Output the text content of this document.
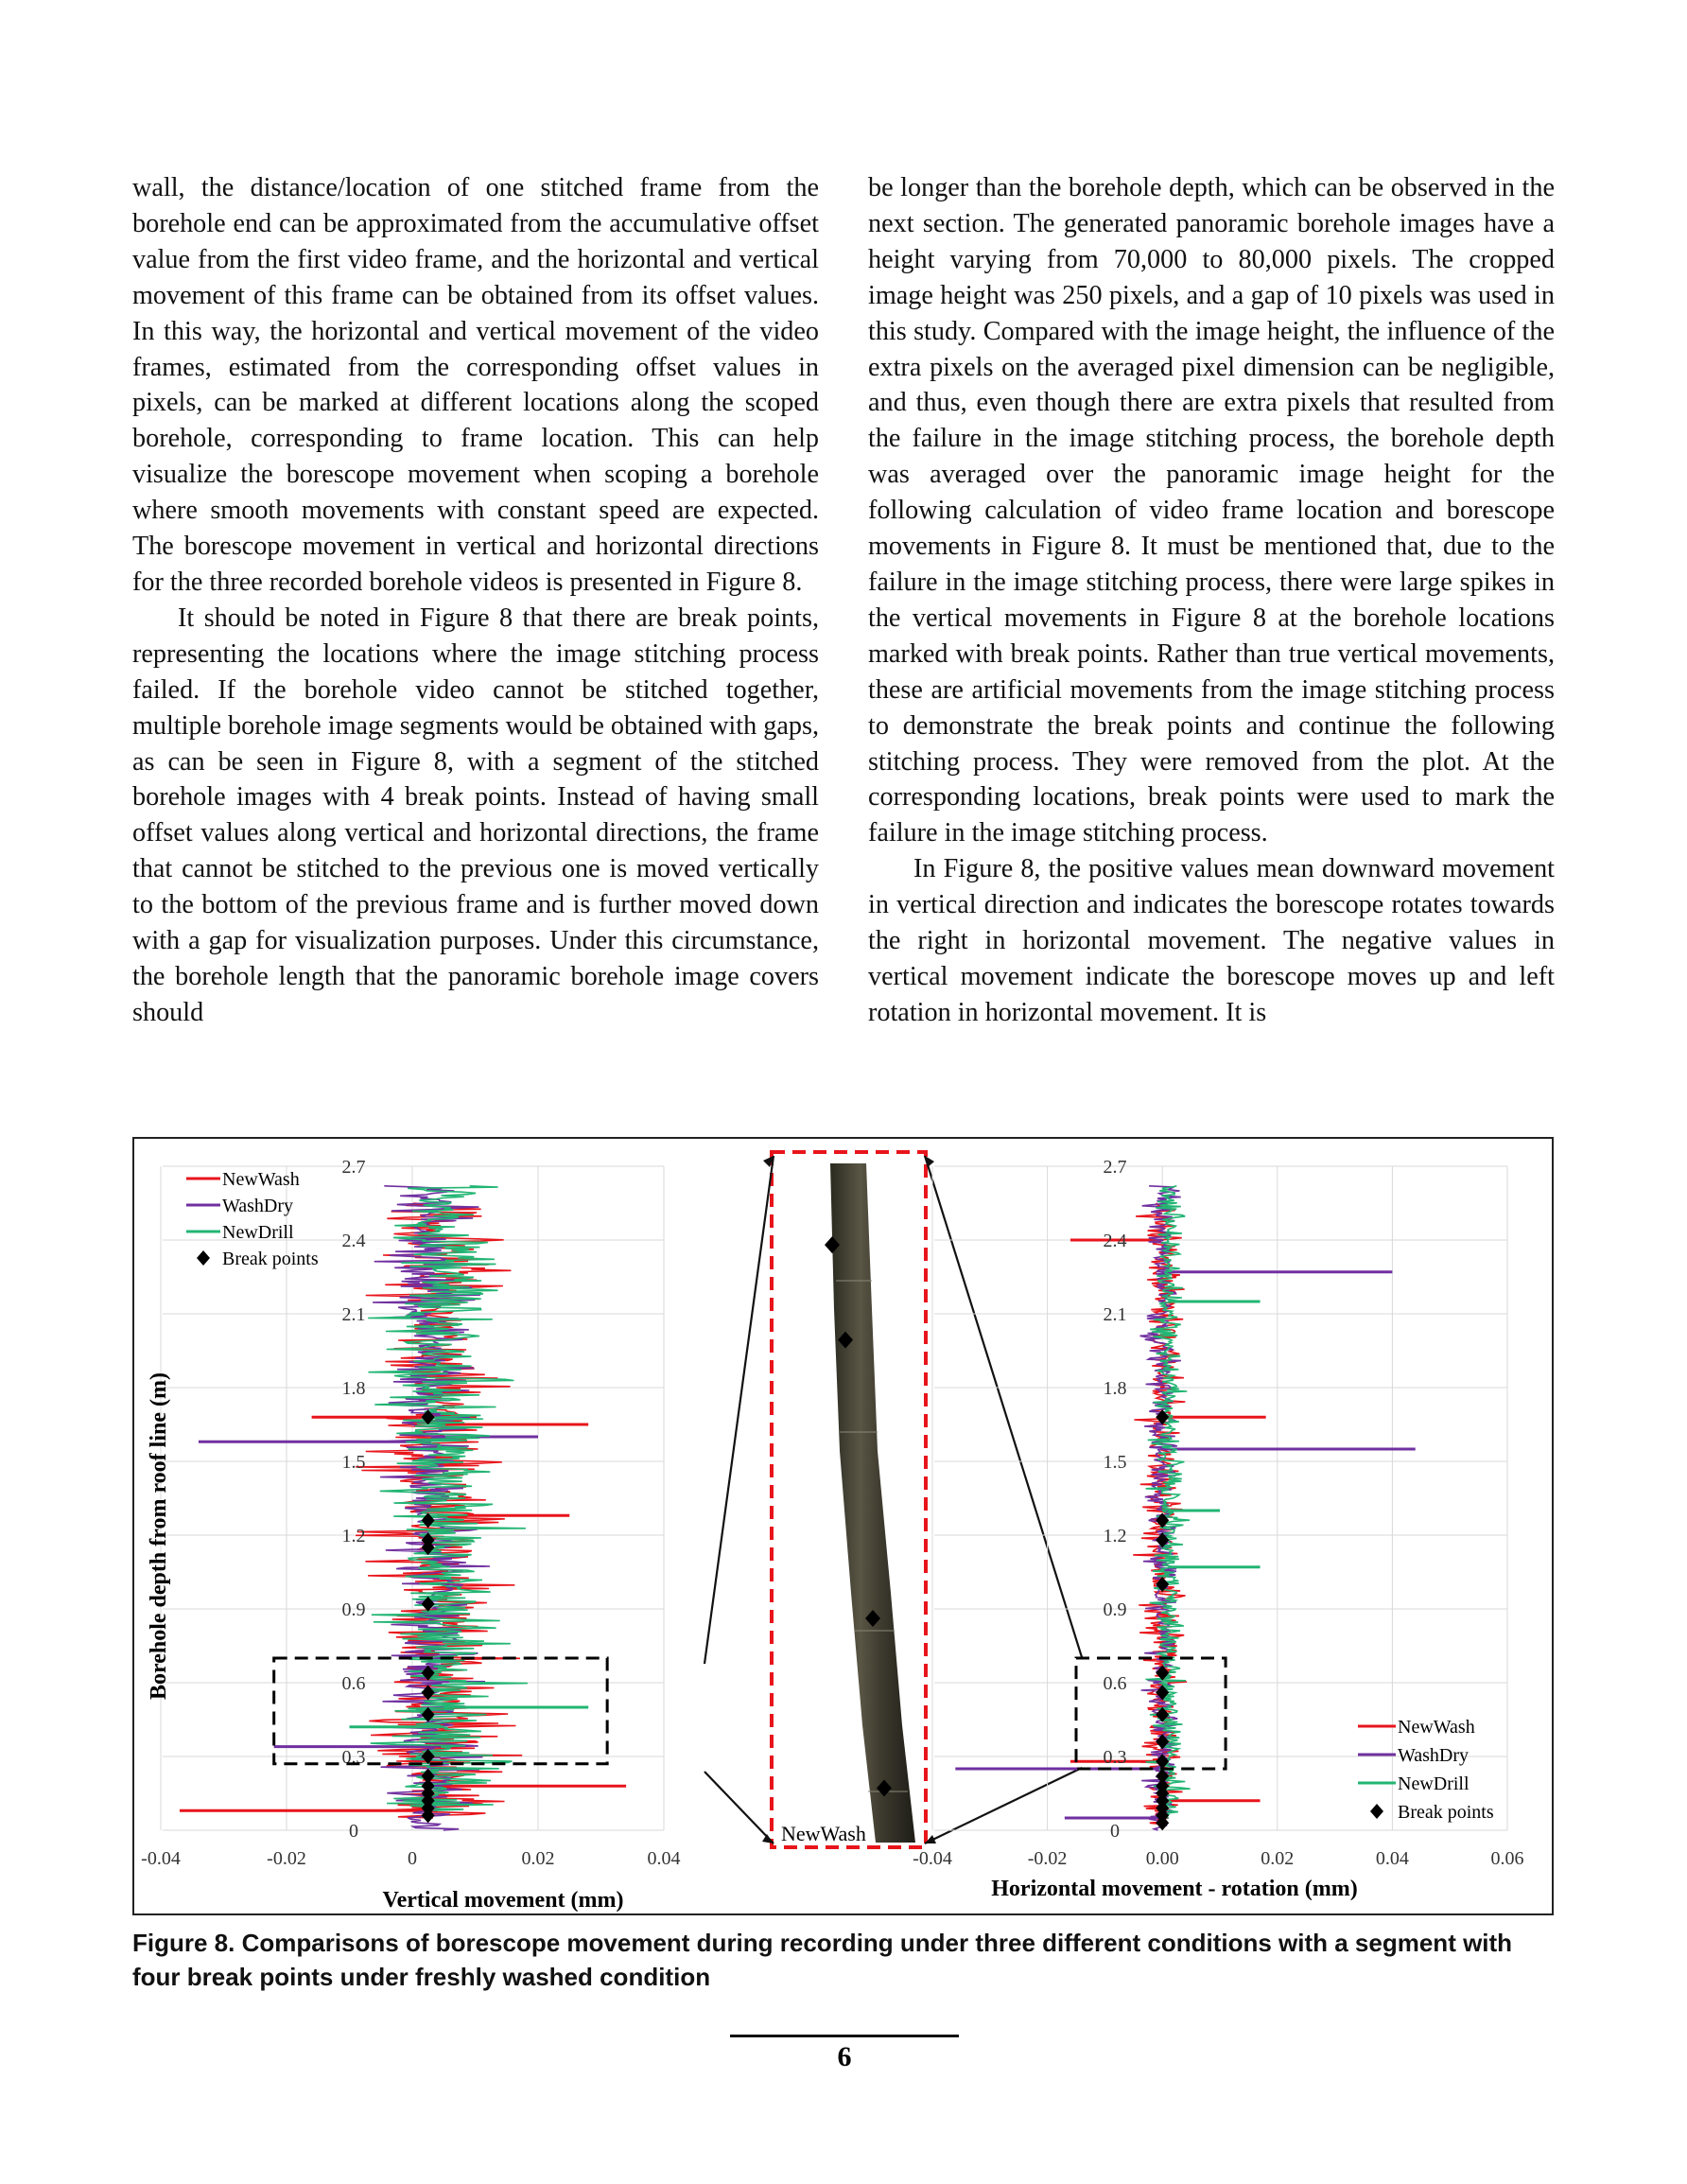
wall, the distance/location of one stitched frame from the borehole end can be approximated from the accumulative offset value from the first video frame, and the horizontal and vertical movement of this frame can be obtained from its offset values. In this way, the horizontal and vertical movement of the video frames, estimated from the corresponding offset values in pixels, can be marked at different locations along the scoped borehole, corresponding to frame location. This can help visualize the borescope movement when scoping a borehole where smooth movements with constant speed are expected. The borescope movement in vertical and horizontal directions for the three recorded borehole videos is presented in Figure 8.

It should be noted in Figure 8 that there are break points, representing the locations where the image stitching process failed. If the borehole video cannot be stitched together, multiple borehole image segments would be obtained with gaps, as can be seen in Figure 8, with a segment of the stitched borehole images with 4 break points. Instead of having small offset values along vertical and horizontal directions, the frame that cannot be stitched to the previous one is moved vertically to the bottom of the previous frame and is further moved down with a gap for visualization purposes. Under this circumstance, the borehole length that the panoramic borehole image covers should

be longer than the borehole depth, which can be observed in the next section. The generated panoramic borehole images have a height varying from 70,000 to 80,000 pixels. The cropped image height was 250 pixels, and a gap of 10 pixels was used in this study. Compared with the image height, the influence of the extra pixels on the averaged pixel dimension can be negligible, and thus, even though there are extra pixels that resulted from the failure in the image stitching process, the borehole depth was averaged over the panoramic image height for the following calculation of video frame location and borescope movements in Figure 8. It must be mentioned that, due to the failure in the image stitching process, there were large spikes in the vertical movements in Figure 8 at the borehole locations marked with break points. Rather than true vertical movements, these are artificial movements from the image stitching process to demonstrate the break points and continue the following stitching process. They were removed from the plot. At the corresponding locations, break points were used to mark the failure in the image stitching process.

In Figure 8, the positive values mean downward movement in vertical direction and indicates the borescope rotates towards the right in horizontal movement. The negative values in vertical movement indicate the borescope moves up and left rotation in horizontal movement. It is

0
0.3
0.6
0.9
1.2
1.5
1.8
2.1
2.4
2.7
-0.04	-0.02	0	0.02	0.04
Vertical movement (mm)
Borehole depth from roof line (m)
NewWash
WashDry
NewDrill
Break points
NewWash	0
0.3
0.6
0.9
1.2
1.5
1.8
2.1
2.4
2.7
-0.04	-0.02	0.00	0.02	0.04	0.06
Horizontal movement - rotation (mm)
NewWash
WashDry
NewDrill
Break points
Figure 8. Comparisons of borescope movement during recording under three different conditions with a segment with four break points under freshly washed condition
6
